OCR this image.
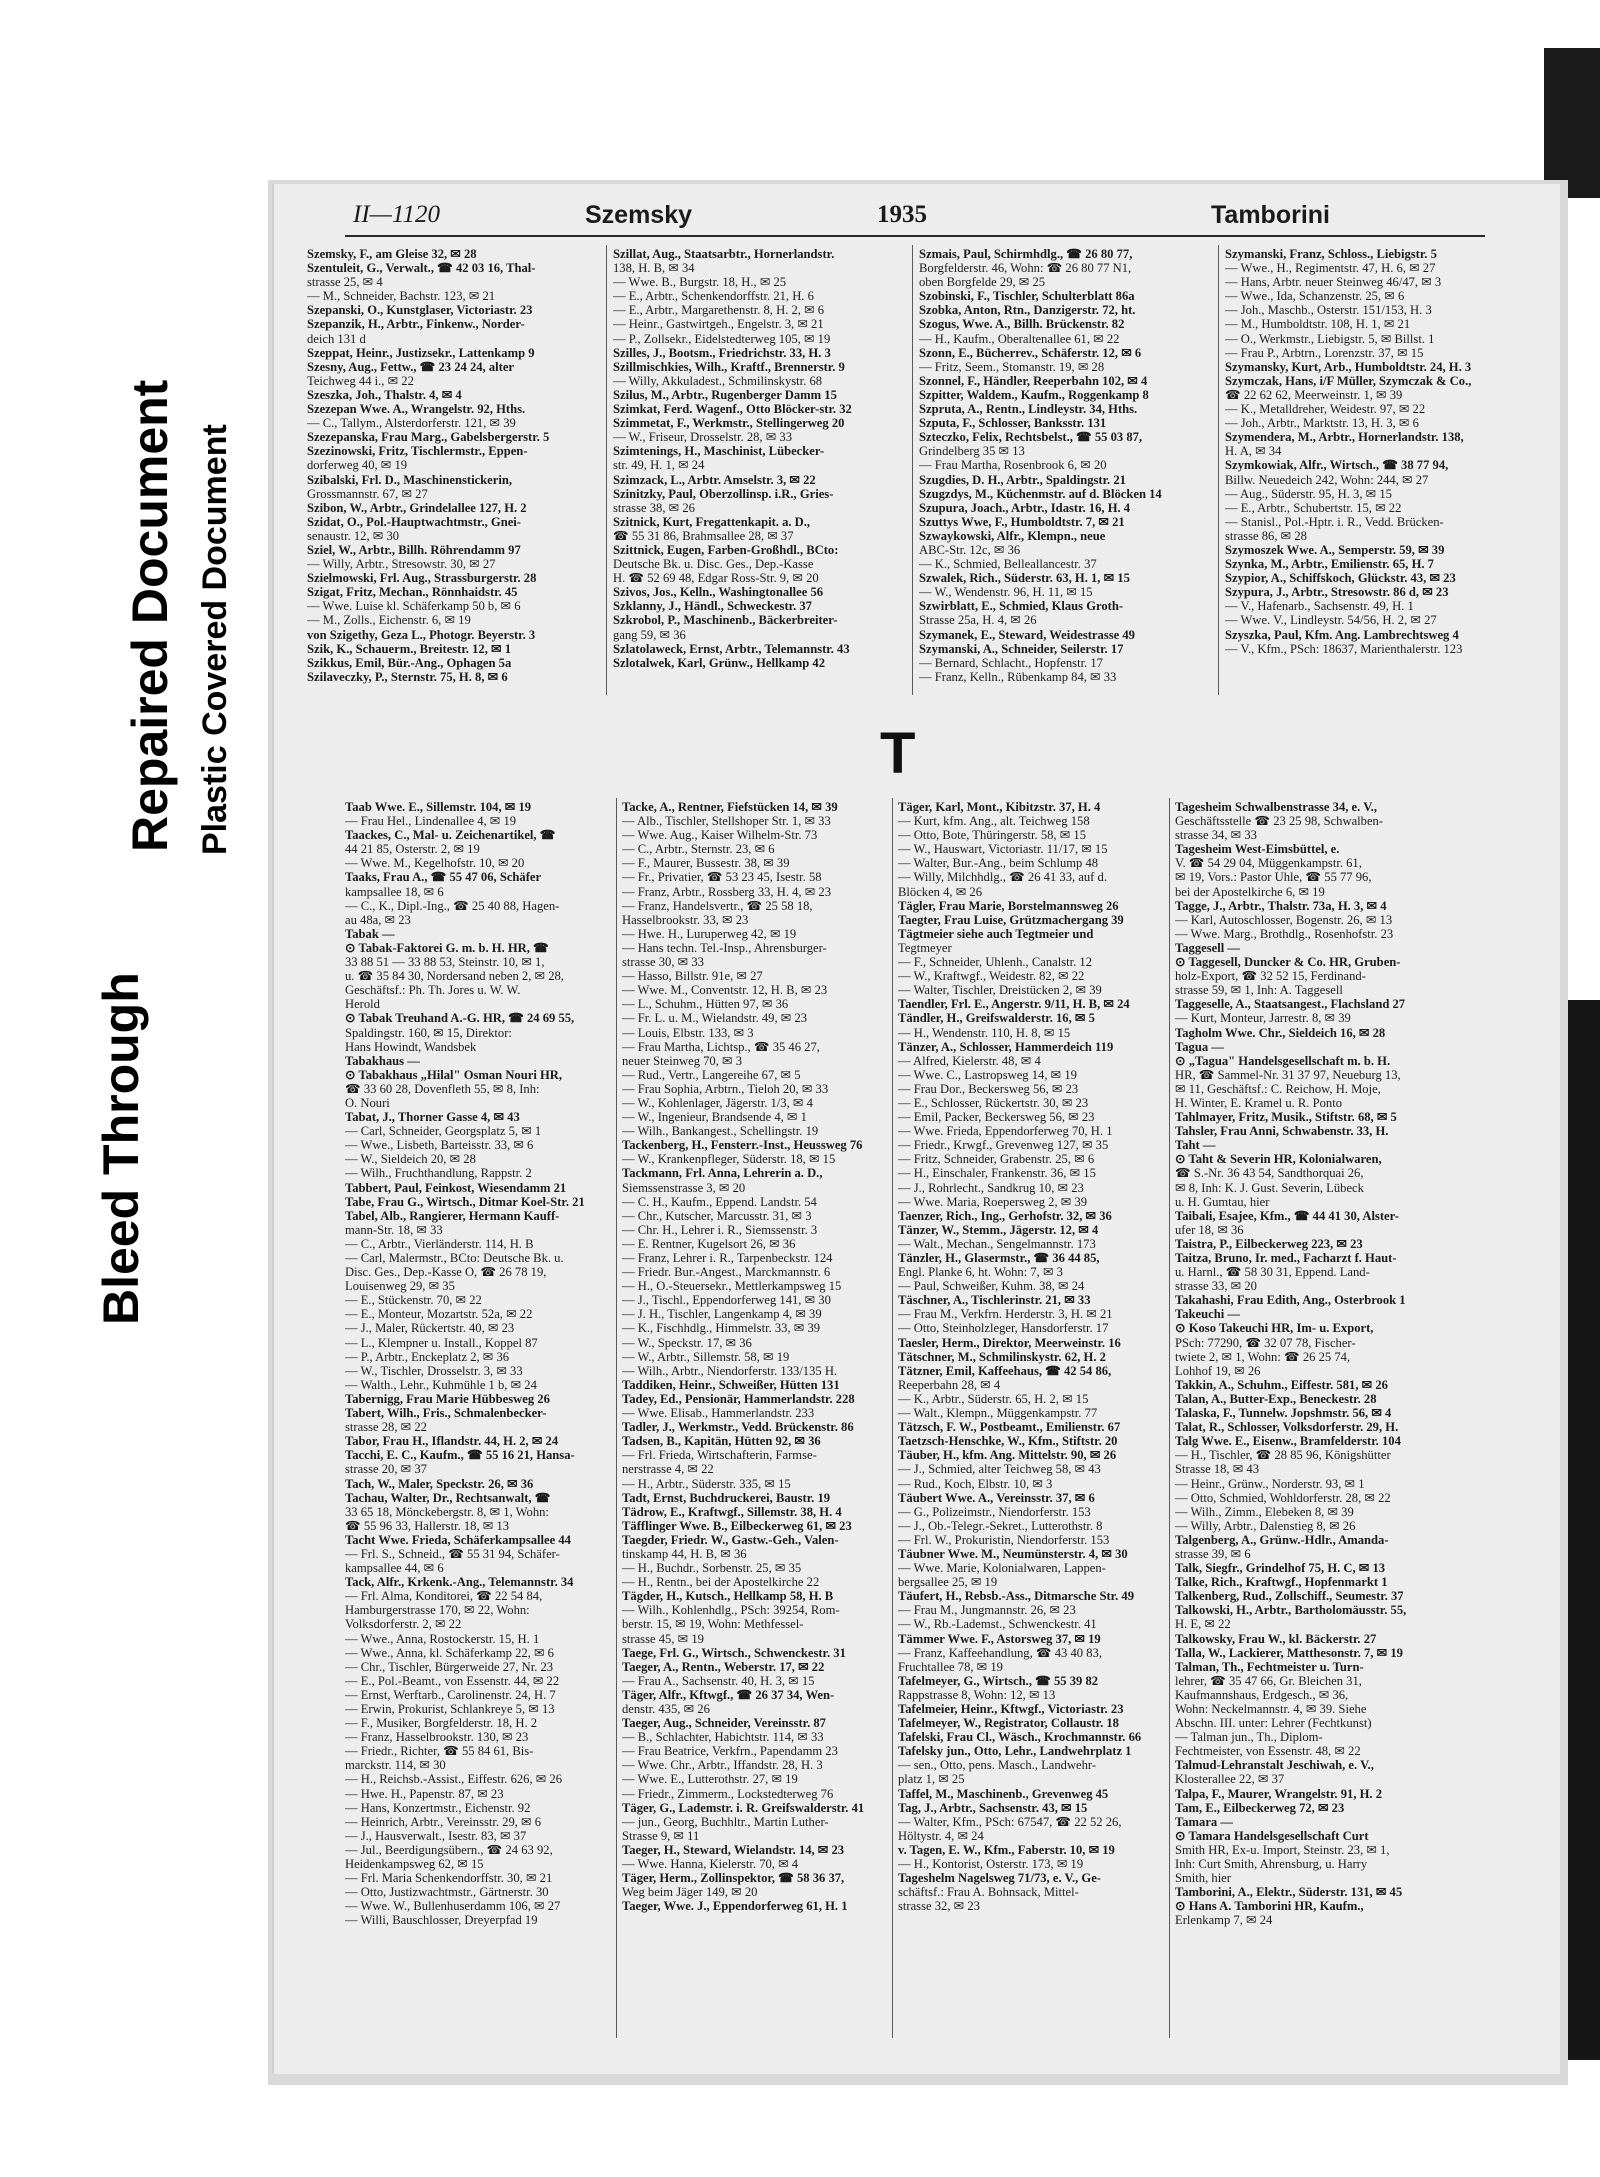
Bleed Through
Repaired Document Plastic Covered Document
II—1120	Szemsky	1935	Tamborini
Szemsky, F., am Gleise 32, ✉ 28
Szentuleit, G., Verwalt., ☎ 42 03 16, Thal-
strasse 25, ✉ 4
— M., Schneider, Bachstr. 123, ✉ 21
Szepanski, O., Kunstglaser, Victoriastr. 23
Szepanzik, H., Arbtr., Finkenw., Norder-
deich 131 d
Szeppat, Heinr., Justizsekr., Lattenkamp 9
Szesny, Aug., Fettw., ☎ 23 24 24, alter
Teichweg 44 i., ✉ 22
Szeszka, Joh., Thalstr. 4, ✉ 4
Szezepan Wwe. A., Wrangelstr. 92, Hths.
— C., Tallym., Alsterdorferstr. 121, ✉ 39
Szezepanska, Frau Marg., Gabelsbergerstr. 5
Szezinowski, Fritz, Tischlermstr., Eppen-
dorferweg 40, ✉ 19
Szibalski, Frl. D., Maschinenstickerin,
Grossmannstr. 67, ✉ 27
Szibon, W., Arbtr., Grindelallee 127, H. 2
Szidat, O., Pol.-Hauptwachtmstr., Gnei-
senaustr. 12, ✉ 30
Sziel, W., Arbtr., Billh. Röhrendamm 97
— Willy, Arbtr., Stresowstr. 30, ✉ 27
Szielmowski, Frl. Aug., Strassburgerstr. 28
Szigat, Fritz, Mechan., Rönnhaidstr. 45
— Wwe. Luise kl. Schäferkamp 50 b, ✉ 6
— M., Zolls., Eichenstr. 6, ✉ 19
von Szigethy, Geza L., Photogr. Beyerstr. 3
Szik, K., Schauerm., Breitestr. 12, ✉ 1
Szikkus, Emil, Bür.-Ang., Ophagen 5a
Szilaveczky, P., Sternstr. 75, H. 8, ✉ 6
Szillat, Aug., Staatsarbtr., Hornerlandstr.
138, H. B, ✉ 34
— Wwe. B., Burgstr. 18, H., ✉ 25
— E., Arbtr., Schenkendorffstr. 21, H. 6
— E., Arbtr., Margarethenstr. 8, H. 2, ✉ 6
— Heinr., Gastwirtgeh., Engelstr. 3, ✉ 21
— P., Zollsekr., Eidelstedterweg 105, ✉ 19
Szilles, J., Bootsm., Friedrichstr. 33, H. 3
Szillmischkies, Wilh., Kraftf., Brennerstr. 9
— Willy, Akkuladest., Schmilinskystr. 68
Szilus, M., Arbtr., Rugenberger Damm 15
Szimkat, Ferd. Wagenf., Otto Blöcker-str. 32
Szimmetat, F., Werkmstr., Stellingerweg 20
— W., Friseur, Drosselstr. 28, ✉ 33
Szimtenings, H., Maschinist, Lübecker-
str. 49, H. 1, ✉ 24
Szimzack, L., Arbtr. Amselstr. 3, ✉ 22
Szinitzky, Paul, Oberzollinsp. i.R., Gries-
strasse 38, ✉ 26
Szitnick, Kurt, Fregattenkapit. a. D.,
☎ 55 31 86, Brahmsallee 28, ✉ 37
Szittnick, Eugen, Farben-Großhdl., BCto:
Deutsche Bk. u. Disc. Ges., Dep.-Kasse
H. ☎ 52 69 48, Edgar Ross-Str. 9, ✉ 20
Szivos, Jos., Kelln., Washingtonallee 56
Szklanny, J., Händl., Schweckestr. 37
Szkrobol, P., Maschinenb., Bäckerbreiter-
gang 59, ✉ 36
Szlatolaweck, Ernst, Arbtr., Telemannstr. 43
Szlotalwek, Karl, Grünw., Hellkamp 42
Szmais, Paul, Schirmhdlg., ☎ 26 80 77,
Borgfelderstr. 46, Wohn: ☎ 26 80 77 N1,
oben Borgfelde 29, ✉ 25
Szobinski, F., Tischler, Schulterblatt 86a
Szobka, Anton, Rtn., Danzigerstr. 72, ht.
Szogus, Wwe. A., Billh. Brückenstr. 82
— H., Kaufm., Oberaltenallee 61, ✉ 22
Szonn, E., Bücherrev., Schäferstr. 12, ✉ 6
— Fritz, Seem., Stomanstr. 19, ✉ 28
Szonnel, F., Händler, Reeperbahn 102, ✉ 4
Szpitter, Waldem., Kaufm., Roggenkamp 8
Szpruta, A., Rentn., Lindleystr. 34, Hths.
Szputa, F., Schlosser, Banksstr. 131
Szteczko, Felix, Rechtsbelst., ☎ 55 03 87,
Grindelberg 35 ✉ 13
— Frau Martha, Rosenbrook 6, ✉ 20
Szugdies, D. H., Arbtr., Spaldingstr. 21
Szugzdys, M., Küchenmstr. auf d. Blöcken 14
Szupura, Joach., Arbtr., Idastr. 16, H. 4
Szuttys Wwe, F., Humboldtstr. 7, ✉ 21
Szwaykowski, Alfr., Klempn., neue
ABC-Str. 12c, ✉ 36
— K., Schmied, Belleallancestr. 37
Szwalek, Rich., Süderstr. 63, H. 1, ✉ 15
— W., Wendenstr. 96, H. 11, ✉ 15
Szwirblatt, E., Schmied, Klaus Groth-
Strasse 25a, H. 4, ✉ 26
Szymanek, E., Steward, Weidestrasse 49
Szymanski, A., Schneider, Seilerstr. 17
— Bernard, Schlacht., Hopfenstr. 17
— Franz, Kelln., Rübenkamp 84, ✉ 33
Szymanski, Franz, Schloss., Liebigstr. 5
— Wwe., H., Regimentstr. 47, H. 6, ✉ 27
— Hans, Arbtr. neuer Steinweg 46/47, ✉ 3
— Wwe., Ida, Schanzenstr. 25, ✉ 6
— Joh., Maschb., Osterstr. 151/153, H. 3
— M., Humboldtstr. 108, H. 1, ✉ 21
— O., Werkmstr., Liebigstr. 5, ✉ Billst. 1
— Frau P., Arbtrn., Lorenzstr. 37, ✉ 15
Szymansky, Kurt, Arb., Humboldtstr. 24, H. 3
Szymczak, Hans, i/F Müller, Szymczak & Co.,
☎ 22 62 62, Meerweinstr. 1, ✉ 39
— K., Metalldreher, Weidestr. 97, ✉ 22
— Joh., Arbtr., Marktstr. 13, H. 3, ✉ 6
Szymendera, M., Arbtr., Hornerlandstr. 138,
H. A, ✉ 34
Szymkowiak, Alfr., Wirtsch., ☎ 38 77 94,
Billw. Neuedeich 242, Wohn: 244, ✉ 27
— Aug., Süderstr. 95, H. 3, ✉ 15
— E., Arbtr., Schubertstr. 15, ✉ 22
— Stanisl., Pol.-Hptr. i. R., Vedd. Brücken-
strasse 86, ✉ 28
Szymoszek Wwe. A., Semperstr. 59, ✉ 39
Szynka, M., Arbtr., Emilienstr. 65, H. 7
Szypior, A., Schiffskoch, Glückstr. 43, ✉ 23
Szypura, J., Arbtr., Stresowstr. 86 d, ✉ 23
— V., Hafenarb., Sachsenstr. 49, H. 1
— Wwe. V., Lindleystr. 54/56, H. 2, ✉ 27
Szyszka, Paul, Kfm. Ang. Lambrechtsweg 4
— V., Kfm., PSch: 18637, Marienthalerstr. 123
T
Taab Wwe. E., Sillemstr. 104, ✉ 19
— Frau Hel., Lindenallee 4, ✉ 19
Taackes, C., Mal- u. Zeichenartikel, ☎
44 21 85, Osterstr. 2, ✉ 19
— Wwe. M., Kegelhofstr. 10, ✉ 20
Taaks, Frau A., ☎ 55 47 06, Schäfer
kampsallee 18, ✉ 6
— C., K., Dipl.-Ing., ☎ 25 40 88, Hagen-
au 48a, ✉ 23
Tabak —
⊙ Tabak-Faktorei G. m. b. H. HR, ☎
33 88 51 — 33 88 53, Steinstr. 10, ✉ 1,
u. ☎ 35 84 30, Nordersand neben 2, ✉ 28,
Geschäftsf.: Ph. Th. Jores u. W. W.
Herold
⊙ Tabak Treuhand A.-G. HR, ☎ 24 69 55,
Spaldingstr. 160, ✉ 15, Direktor:
Hans Howindt, Wandsbek
Tabakhaus —
⊙ Tabakhaus „Hilal" Osman Nouri HR,
☎ 33 60 28, Dovenfleth 55, ✉ 8, Inh:
O. Nouri
Tabat, J., Thorner Gasse 4, ✉ 43
— Carl, Schneider, Georgsplatz 5, ✉ 1
— Wwe., Lisbeth, Barteisstr. 33, ✉ 6
— W., Sieldeich 20, ✉ 28
— Wilh., Fruchthandlung, Rappstr. 2
Tabbert, Paul, Feinkost, Wiesendamm 21
Tabe, Frau G., Wirtsch., Ditmar Koel-Str. 21
Tabel, Alb., Rangierer, Hermann Kauff-
mann-Str. 18, ✉ 33
— C., Arbtr., Vierländerstr. 114, H. B
— Carl, Malermstr., BCto: Deutsche Bk. u.
Disc. Ges., Dep.-Kasse O, ☎ 26 78 19,
Louisenweg 29, ✉ 35
— E., Stückenstr. 70, ✉ 22
— E., Monteur, Mozartstr. 52a, ✉ 22
— J., Maler, Rückertstr. 40, ✉ 23
— L., Klempner u. Install., Koppel 87
— P., Arbtr., Enckeplatz 2, ✉ 36
— W., Tischler, Drosselstr. 3, ✉ 33
— Walth., Lehr., Kuhmühle 1 b, ✉ 24
Tabernigg, Frau Marie Hübbesweg 26
Tabert, Wilh., Fris., Schmalenbecker-
strasse 28, ✉ 22
Tabor, Frau H., Iflandstr. 44, H. 2, ✉ 24
Tacchi, E. C., Kaufm., ☎ 55 16 21, Hansa-
strasse 20, ✉ 37
Tach, W., Maler, Speckstr. 26, ✉ 36
Tachau, Walter, Dr., Rechtsanwalt, ☎
33 65 18, Mönckebergstr. 8, ✉ 1, Wohn:
☎ 55 96 33, Hallerstr. 18, ✉ 13
Tacht Wwe. Frieda, Schäferkampsallee 44
— Frl. S., Schneid., ☎ 55 31 94, Schäfer-
kampsallee 44, ✉ 6
Tack, Alfr., Krkenk.-Ang., Telemannstr. 34
— Frl. Alma, Konditorei, ☎ 22 54 84,
Hamburgerstrasse 170, ✉ 22, Wohn:
Volksdorferstr. 2, ✉ 22
— Wwe., Anna, Rostockerstr. 15, H. 1
— Wwe., Anna, kl. Schäferkamp 22, ✉ 6
— Chr., Tischler, Bürgerweide 27, Nr. 23
— E., Pol.-Beamt., von Essenstr. 44, ✉ 22
— Ernst, Werftarb., Carolinenstr. 24, H. 7
— Erwin, Prokurist, Schlankreye 5, ✉ 13
— F., Musiker, Borgfelderstr. 18, H. 2
— Franz, Hasselbrookstr. 130, ✉ 23
— Friedr., Richter, ☎ 55 84 61, Bis-
marckstr. 114, ✉ 30
— H., Reichsb.-Assist., Eiffestr. 626, ✉ 26
— Hwe. H., Papenstr. 87, ✉ 23
— Hans, Konzertmstr., Eichenstr. 92
— Heinrich, Arbtr., Vereinsstr. 29, ✉ 6
— J., Hausverwalt., Isestr. 83, ✉ 37
— Jul., Beerdigungsübern., ☎ 24 63 92,
Heidenkampsweg 62, ✉ 15
— Frl. Maria Schenkendorffstr. 30, ✉ 21
— Otto, Justizwachtmstr., Gärtnerstr. 30
— Wwe. W., Bullenhuserdamm 106, ✉ 27
— Willi, Bauschlosser, Dreyerpfad 19
Tacke, A., Rentner, Fiefstücken 14, ✉ 39
— Alb., Tischler, Stellshoper Str. 1, ✉ 33
— Wwe. Aug., Kaiser Wilhelm-Str. 73
— C., Arbtr., Sternstr. 23, ✉ 6
— F., Maurer, Bussestr. 38, ✉ 39
— Fr., Privatier, ☎ 53 23 45, Isestr. 58
— Franz, Arbtr., Rossberg 33, H. 4, ✉ 23
— Franz, Handelsvertr., ☎ 25 58 18,
Hasselbrookstr. 33, ✉ 23
— Hwe. H., Luruperweg 42, ✉ 19
— Hans techn. Tel.-Insp., Ahrensburger-
strasse 30, ✉ 33
— Hasso, Billstr. 91e, ✉ 27
— Wwe. M., Conventstr. 12, H. B, ✉ 23
— L., Schuhm., Hütten 97, ✉ 36
— Fr. L. u. M., Wielandstr. 49, ✉ 23
— Louis, Elbstr. 133, ✉ 3
— Frau Martha, Lichtsp., ☎ 35 46 27,
neuer Steinweg 70, ✉ 3
— Rud., Vertr., Langereihe 67, ✉ 5
— Frau Sophia, Arbtrn., Tieloh 20, ✉ 33
— W., Kohlenlager, Jägerstr. 1/3, ✉ 4
— W., Ingenieur, Brandsende 4, ✉ 1
— Wilh., Bankangest., Schellingstr. 19
Tackenberg, H., Fensterr.-Inst., Heussweg 76
— W., Krankenpfleger, Süderstr. 18, ✉ 15
Tackmann, Frl. Anna, Lehrerin a. D.,
Siemssenstrasse 3, ✉ 20
— C. H., Kaufm., Eppend. Landstr. 54
— Chr., Kutscher, Marcusstr. 31, ✉ 3
— Chr. H., Lehrer i. R., Siemssenstr. 3
— E. Rentner, Kugelsort 26, ✉ 36
— Franz, Lehrer i. R., Tarpenbeckstr. 124
— Friedr. Bur.-Angest., Marckmannstr. 6
— H., O.-Steuersekr., Mettlerkampsweg 15
— J., Tischl., Eppendorferweg 141, ✉ 30
— J. H., Tischler, Langenkamp 4, ✉ 39
— K., Fischhdlg., Himmelstr. 33, ✉ 39
— W., Speckstr. 17, ✉ 36
— W., Arbtr., Sillemstr. 58, ✉ 19
— Wilh., Arbtr., Niendorferstr. 133/135 H.
Taddiken, Heinr., Schweißer, Hütten 131
Tadey, Ed., Pensionär, Hammerlandstr. 228
— Wwe. Elisab., Hammerlandstr. 233
Tadler, J., Werkmstr., Vedd. Brückenstr. 86
Tadsen, B., Kapitän, Hütten 92, ✉ 36
— Frl. Frieda, Wirtschafterin, Farmse-
nerstrasse 4, ✉ 22
— H., Arbtr., Süderstr. 335, ✉ 15
Tadt, Ernst, Buchdruckerei, Baustr. 19
Tädrow, E., Kraftwgf., Sillemstr. 38, H. 4
Täfflinger Wwe. B., Eilbeckerweg 61, ✉ 23
Taegder, Friedr. W., Gastw.-Geh., Valen-
tinskamp 44, H. B, ✉ 36
— H., Buchdr., Sorbenstr. 25, ✉ 35
— H., Rentn., bei der Apostelkirche 22
Tägder, H., Kutsch., Hellkamp 58, H. B
— Wilh., Kohlenhdlg., PSch: 39254, Rom-
berstr. 15, ✉ 19, Wohn: Methfessel-
strasse 45, ✉ 19
Taege, Frl. G., Wirtsch., Schwenckestr. 31
Taeger, A., Rentn., Weberstr. 17, ✉ 22
— Frau A., Sachsenstr. 40, H. 3, ✉ 15
Täger, Alfr., Kftwgf., ☎ 26 37 34, Wen-
denstr. 435, ✉ 26
Taeger, Aug., Schneider, Vereinsstr. 87
— B., Schlachter, Habichtstr. 114, ✉ 33
— Frau Beatrice, Verkfrn., Papendamm 23
— Wwe. Chr., Arbtr., Iffandstr. 28, H. 3
— Wwe. E., Lutterothstr. 27, ✉ 19
— Friedr., Zimmerm., Lockstedterweg 76
Täger, G., Lademstr. i. R. Greifswalderstr. 41
— jun., Georg, Buchhltr., Martin Luther-
Strasse 9, ✉ 11
Taeger, H., Steward, Wielandstr. 14, ✉ 23
— Wwe. Hanna, Kielerstr. 70, ✉ 4
Täger, Herm., Zollinspektor, ☎ 58 36 37,
Weg beim Jäger 149, ✉ 20
Taeger, Wwe. J., Eppendorferweg 61, H. 1
Täger, Karl, Mont., Kibitzstr. 37, H. 4
— Kurt, kfm. Ang., alt. Teichweg 158
— Otto, Bote, Thüringerstr. 58, ✉ 15
— W., Hauswart, Victoriastr. 11/17, ✉ 15
— Walter, Bur.-Ang., beim Schlump 48
— Willy, Milchhdlg., ☎ 26 41 33, auf d.
Blöcken 4, ✉ 26
Tägler, Frau Marie, Borstelmannsweg 26
Taegter, Frau Luise, Grützmachergang 39
Tägtmeier siehe auch Tegtmeier und
Tegtmeyer
— F., Schneider, Uhlenh., Canalstr. 12
— W., Kraftwgf., Weidestr. 82, ✉ 22
— Walter, Tischler, Dreistücken 2, ✉ 39
Taendler, Frl. E., Angerstr. 9/11, H. B, ✉ 24
Tändler, H., Greifswalderstr. 16, ✉ 5
— H., Wendenstr. 110, H. 8, ✉ 15
Tänzer, A., Schlosser, Hammerdeich 119
— Alfred, Kielerstr. 48, ✉ 4
— Wwe. C., Lastropsweg 14, ✉ 19
— Frau Dor., Beckersweg 56, ✉ 23
— E., Schlosser, Rückertstr. 30, ✉ 23
— Emil, Packer, Beckersweg 56, ✉ 23
— Wwe. Frieda, Eppendorferweg 70, H. 1
— Friedr., Krwgf., Grevenweg 127, ✉ 35
— Fritz, Schneider, Grabenstr. 25, ✉ 6
— H., Einschaler, Frankenstr. 36, ✉ 15
— J., Rohrlecht., Sandkrug 10, ✉ 23
— Wwe. Maria, Roepersweg 2, ✉ 39
Taenzer, Rich., Ing., Gerhofstr. 32, ✉ 36
Tänzer, W., Stemm., Jägerstr. 12, ✉ 4
— Walt., Mechan., Sengelmannstr. 173
Tänzler, H., Glasermstr., ☎ 36 44 85,
Engl. Planke 6, ht. Wohn: 7, ✉ 3
— Paul, Schweißer, Kuhm. 38, ✉ 24
Täschner, A., Tischlerinstr. 21, ✉ 33
— Frau M., Verkfrn. Herderstr. 3, H. ✉ 21
— Otto, Steinholzleger, Hansdorferstr. 17
Taesler, Herm., Direktor, Meerweinstr. 16
Tätschner, M., Schmilinskystr. 62, H. 2
Tätzner, Emil, Kaffeehaus, ☎ 42 54 86,
Reeperbahn 28, ✉ 4
— K., Arbtr., Süderstr. 65, H. 2, ✉ 15
— Walt., Klempn., Müggenkampstr. 77
Tätzsch, F. W., Postbeamt., Emilienstr. 67
Taetzsch-Henschke, W., Kfm., Stiftstr. 20
Täuber, H., kfm. Ang. Mittelstr. 90, ✉ 26
— J., Schmied, alter Teichweg 58, ✉ 43
— Rud., Koch, Elbstr. 10, ✉ 3
Täubert Wwe. A., Vereinsstr. 37, ✉ 6
— G., Polizeimstr., Niendorferstr. 153
— J., Ob.-Telegr.-Sekret., Lutterothstr. 8
— Frl. W., Prokuristin, Niendorferstr. 153
Täubner Wwe. M., Neumünsterstr. 4, ✉ 30
— Wwe. Marie, Kolonialwaren, Lappen-
bergsallee 25, ✉ 19
Täufert, H., Rebsb.-Ass., Ditmarsche Str. 49
— Frau M., Jungmannstr. 26, ✉ 23
— W., Rb.-Lademst., Schwenckestr. 41
Tämmer Wwe. F., Astorsweg 37, ✉ 19
— Franz, Kaffeehandlung, ☎ 43 40 83,
Fruchtallee 78, ✉ 19
Tafelmeyer, G., Wirtsch., ☎ 55 39 82
Rappstrasse 8, Wohn: 12, ✉ 13
Tafelmeier, Heinr., Kftwgf., Victoriastr. 23
Tafelmeyer, W., Registrator, Collaustr. 18
Tafelski, Frau Cl., Wäsch., Krochmannstr. 66
Tafelsky jun., Otto, Lehr., Landwehrplatz 1
— sen., Otto, pens. Masch., Landwehr-
platz 1, ✉ 25
Taffel, M., Maschinenb., Grevenweg 45
Tag, J., Arbtr., Sachsenstr. 43, ✉ 15
— Walter, Kfm., PSch: 67547, ☎ 22 52 26,
Höltystr. 4, ✉ 24
v. Tagen, E. W., Kfm., Faberstr. 10, ✉ 19
— H., Kontorist, Osterstr. 173, ✉ 19
Tageshelm Nagelsweg 71/73, e. V., Ge-
schäftsf.: Frau A. Bohnsack, Mittel-
strasse 32, ✉ 23
Tagesheim Schwalbenstrasse 34, e. V.,
Geschäftsstelle ☎ 23 25 98, Schwalben-
strasse 34, ✉ 33
Tagesheim West-Eimsbüttel, e.
V. ☎ 54 29 04, Müggenkampstr. 61,
✉ 19, Vors.: Pastor Uhle, ☎ 55 77 96,
bei der Apostelkirche 6, ✉ 19
Tagge, J., Arbtr., Thalstr. 73a, H. 3, ✉ 4
— Karl, Autoschlosser, Bogenstr. 26, ✉ 13
— Wwe. Marg., Brothdlg., Rosenhofstr. 23
Taggesell —
⊙ Taggesell, Duncker & Co. HR, Gruben-
holz-Export, ☎ 32 52 15, Ferdinand-
strasse 59, ✉ 1, Inh: A. Taggesell
Taggeselle, A., Staatsangest., Flachsland 27
— Kurt, Monteur, Jarrestr. 8, ✉ 39
Tagholm Wwe. Chr., Sieldeich 16, ✉ 28
Tagua —
⊙ „Tagua" Handelsgesellschaft m. b. H.
HR, ☎ Sammel-Nr. 31 37 97, Neueburg 13,
✉ 11, Geschäftsf.: C. Reichow, H. Moje,
H. Winter, E. Kramel u. R. Ponto
Tahlmayer, Fritz, Musik., Stiftstr. 68, ✉ 5
Tahsler, Frau Anni, Schwabenstr. 33, H.
Taht —
⊙ Taht & Severin HR, Kolonialwaren,
☎ S.-Nr. 36 43 54, Sandthorquai 26,
✉ 8, Inh: K. J. Gust. Severin, Lübeck
u. H. Gumtau, hier
Taibali, Esajee, Kfm., ☎ 44 41 30, Alster-
ufer 18, ✉ 36
Taistra, P., Eilbeckerweg 223, ✉ 23
Taitza, Bruno, Ir. med., Facharzt f. Haut-
u. Harnl., ☎ 58 30 31, Eppend. Land-
strasse 33, ✉ 20
Takahashi, Frau Edith, Ang., Osterbrook 1
Takeuchi —
⊙ Koso Takeuchi HR, Im- u. Export,
PSch: 77290, ☎ 32 07 78, Fischer-
twiete 2, ✉ 1, Wohn: ☎ 26 25 74,
Lohhof 19, ✉ 26
Takkin, A., Schuhm., Eiffestr. 581, ✉ 26
Talan, A., Butter-Exp., Beneckestr. 28
Talaska, F., Tunnelw. Jopshmstr. 56, ✉ 4
Talat, R., Schlosser, Volksdorferstr. 29, H.
Talg Wwe. E., Eisenw., Bramfelderstr. 104
— H., Tischler, ☎ 28 85 96, Königshütter
Strasse 18, ✉ 43
— Heinr., Grünw., Norderstr. 93, ✉ 1
— Otto, Schmied, Wohldorferstr. 28, ✉ 22
— Wilh., Zimm., Elebeken 8, ✉ 39
— Willy, Arbtr., Dalenstieg 8, ✉ 26
Talgenberg, A., Grünw.-Hdlr., Amanda-
strasse 39, ✉ 6
Talk, Siegfr., Grindelhof 75, H. C, ✉ 13
Talke, Rich., Kraftwgf., Hopfenmarkt 1
Talkenberg, Rud., Zollschiff., Seumestr. 37
Talkowski, H., Arbtr., Bartholomäusstr. 55,
H. E, ✉ 22
Talkowsky, Frau W., kl. Bäckerstr. 27
Talla, W., Lackierer, Matthesonstr. 7, ✉ 19
Talman, Th., Fechtmeister u. Turn-
lehrer, ☎ 35 47 66, Gr. Bleichen 31,
Kaufmannshaus, Erdgesch., ✉ 36,
Wohn: Neckelmannstr. 4, ✉ 39. Siehe
Abschn. III. unter: Lehrer (Fechtkunst)
— Talman jun., Th., Diplom-
Fechtmeister, von Essenstr. 48, ✉ 22
Talmud-Lehranstalt Jeschiwah, e. V.,
Klosterallee 22, ✉ 37
Talpa, F., Maurer, Wrangelstr. 91, H. 2
Tam, E., Eilbeckerweg 72, ✉ 23
Tamara —
⊙ Tamara Handelsgesellschaft Curt
Smith HR, Ex-u. Import, Steinstr. 23, ✉ 1,
Inh: Curt Smith, Ahrensburg, u. Harry
Smith, hier
Tamborini, A., Elektr., Süderstr. 131, ✉ 45
⊙ Hans A. Tamborini HR, Kaufm.,
Erlenkamp 7, ✉ 24
